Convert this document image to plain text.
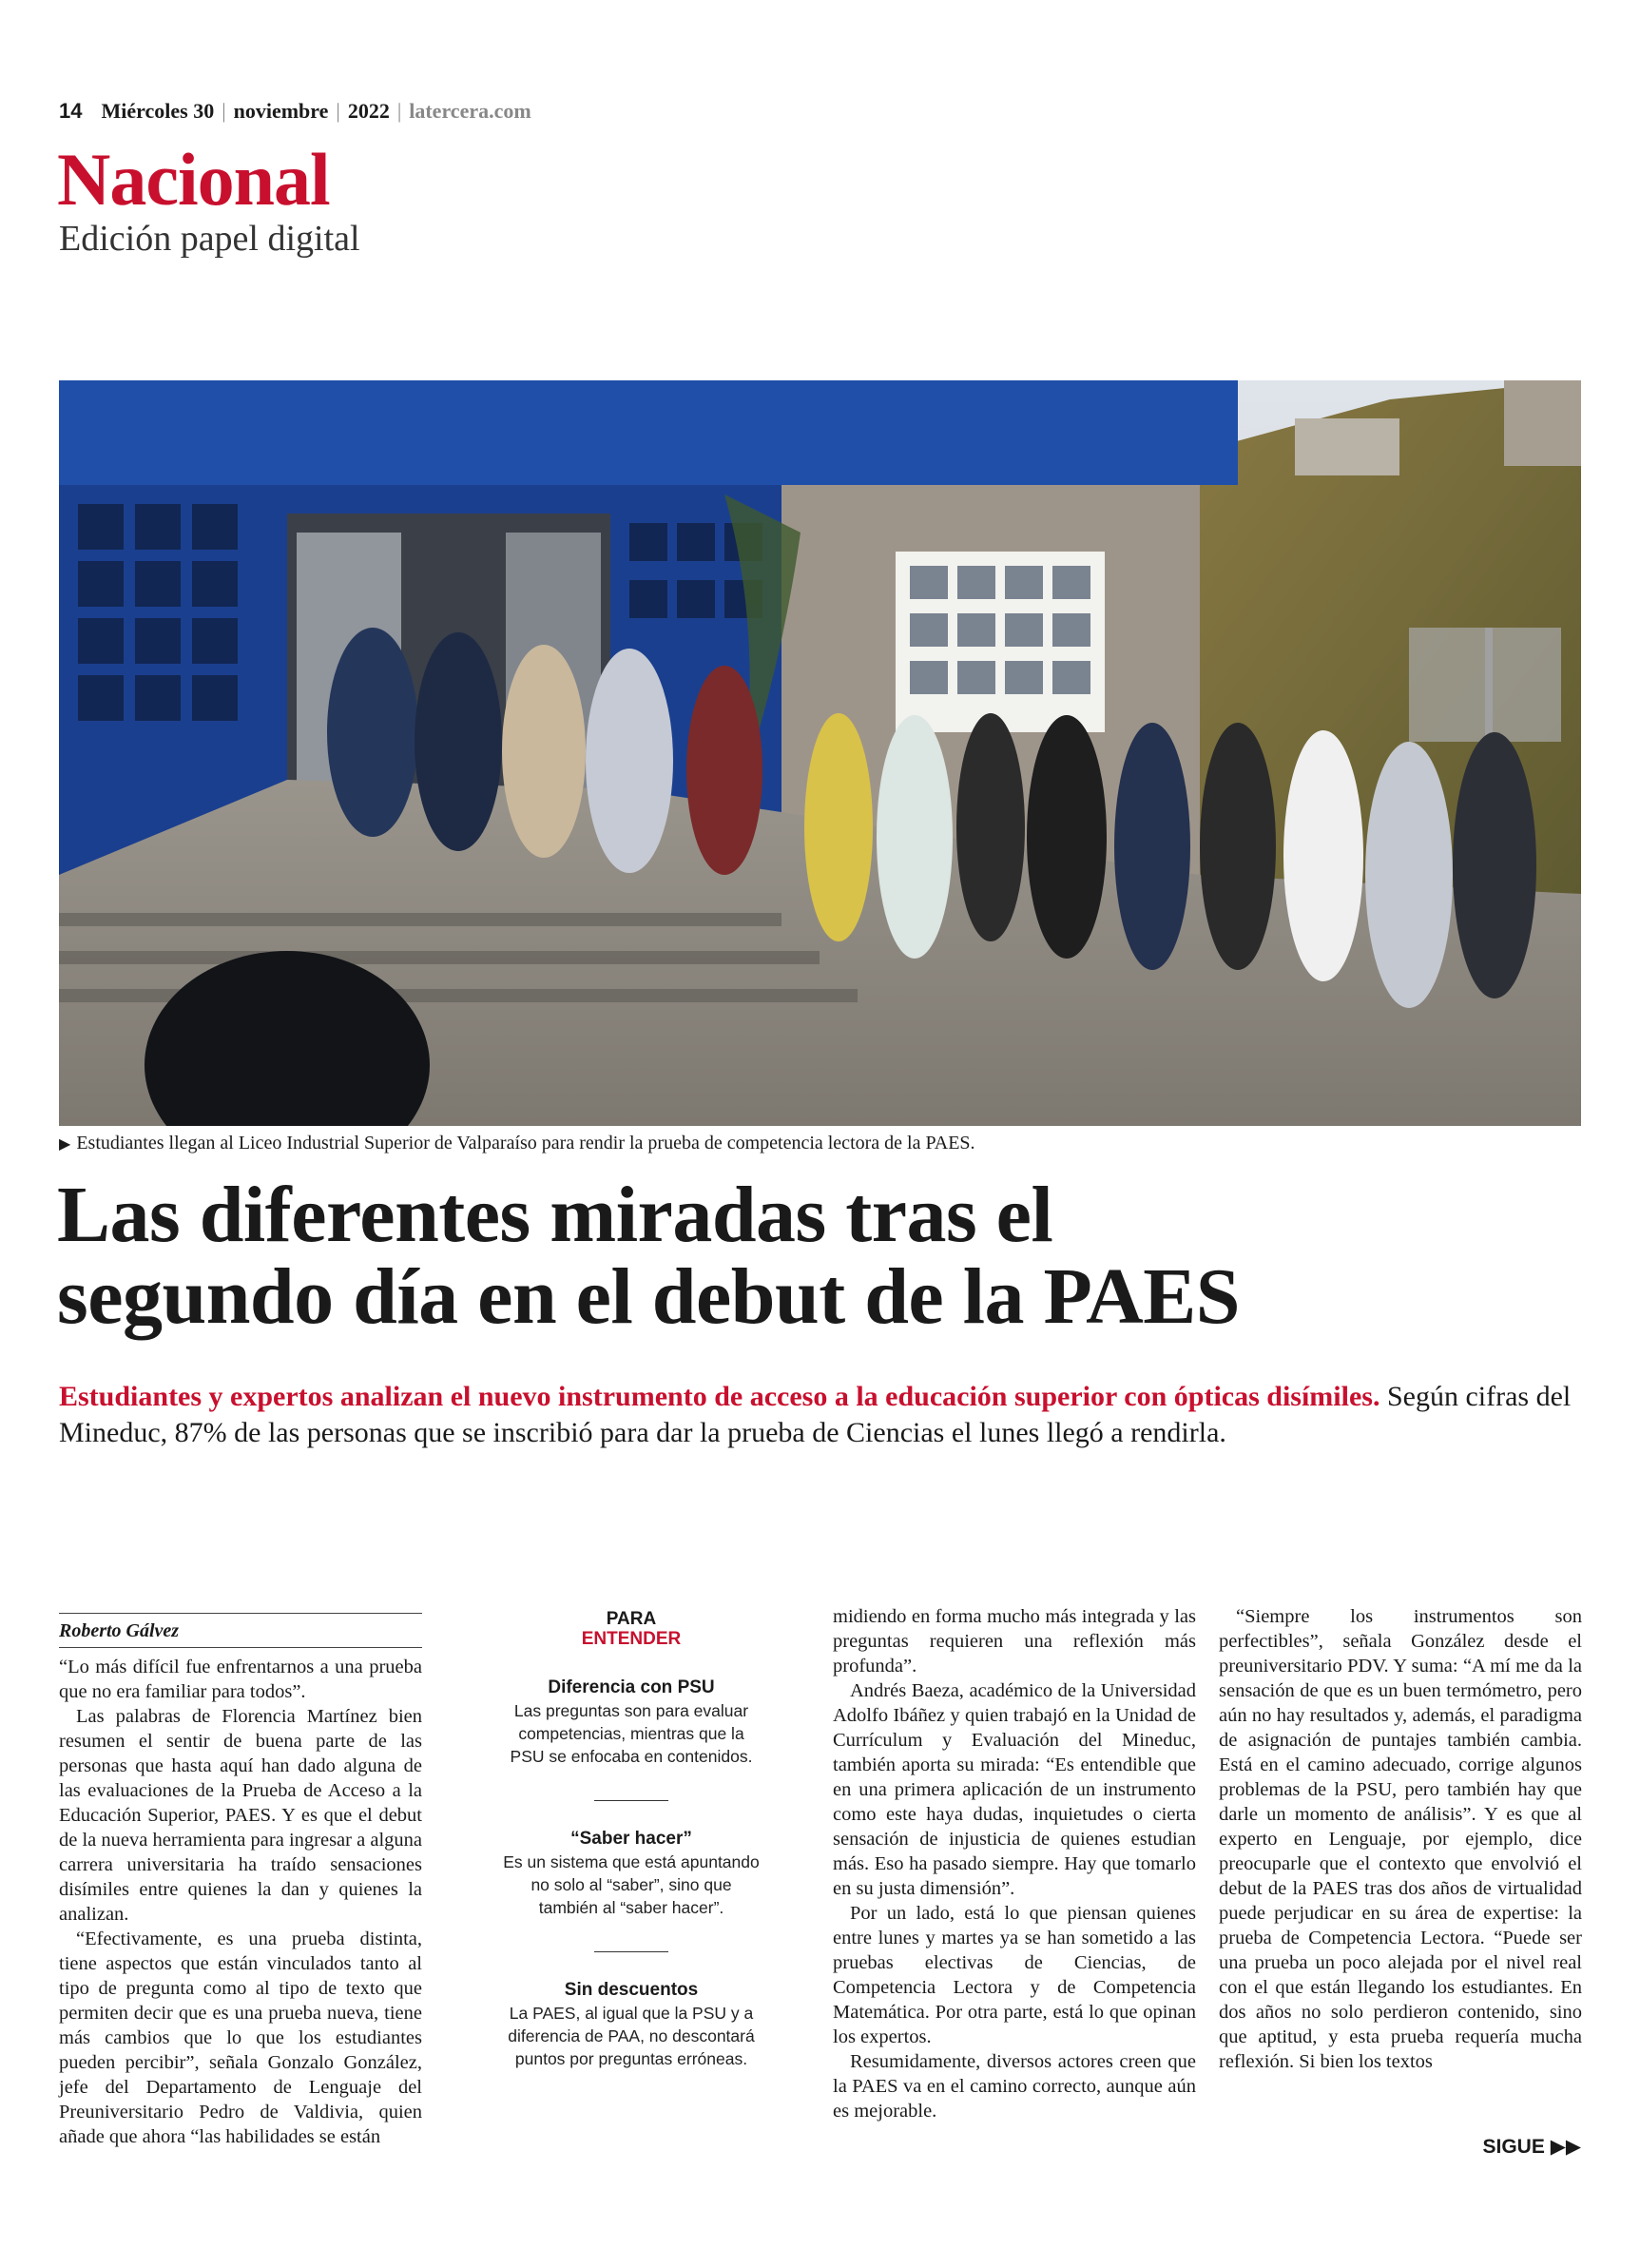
14 Miércoles 30 | noviembre | 2022 | latercera.com
Nacional
Edición papel digital
▶ Estudiantes llegan al Liceo Industrial Superior de Valparaíso para rendir la prueba de competencia lectora de la PAES.
Las diferentes miradas tras el
segundo día en el debut de la PAES
Estudiantes y expertos analizan el nuevo instrumento de acceso a la educación superior con ópticas disímiles. Según cifras del Mineduc, 87% de las personas que se inscribió para dar la prueba de Ciencias el lunes llegó a rendirla.
Roberto Gálvez

“Lo más difícil fue enfrentarnos a una prueba que no era familiar para todos”.

Las palabras de Florencia Martínez bien resumen el sentir de buena parte de las personas que hasta aquí han dado alguna de las evaluaciones de la Prueba de Acceso a la Educación Superior, PAES. Y es que el debut de la nueva herramienta para ingresar a alguna carrera universitaria ha traído sensaciones disímiles entre quienes la dan y quienes la analizan.

“Efectivamente, es una prueba distinta, tiene aspectos que están vinculados tanto al tipo de pregunta como al tipo de texto que permiten decir que es una prueba nueva, tiene más cambios que lo que los estudiantes pueden percibir”, señala Gonzalo González, jefe del Departamento de Lenguaje del Preuniversitario Pedro de Valdivia, quien añade que ahora “las habilidades se están

PARA
ENTENDER
Diferencia con PSU
Las preguntas son para evaluar competencias, mientras que la PSU se enfocaba en contenidos.
“Saber hacer”
Es un sistema que está apuntando no solo al “saber”, sino que también al “saber hacer”.
Sin descuentos
La PAES, al igual que la PSU y a diferencia de PAA, no descontará puntos por preguntas erróneas.

midiendo en forma mucho más integrada y las preguntas requieren una reflexión más profunda”.

Andrés Baeza, académico de la Universidad Adolfo Ibáñez y quien trabajó en la Unidad de Currículum y Evaluación del Mineduc, también aporta su mirada: “Es entendible que en una primera aplicación de un instrumento como este haya dudas, inquietudes o cierta sensación de injusticia de quienes estudian más. Eso ha pasado siempre. Hay que tomarlo en su justa dimensión”.

Por un lado, está lo que piensan quienes entre lunes y martes ya se han sometido a las pruebas electivas de Ciencias, de Competencia Lectora y de Competencia Matemática. Por otra parte, está lo que opinan los expertos.

Resumidamente, diversos actores creen que la PAES va en el camino correcto, aunque aún es mejorable.

“Siempre los instrumentos son perfectibles”, señala González desde el preuniversitario PDV. Y suma: “A mí me da la sensación de que es un buen termómetro, pero aún no hay resultados y, además, el paradigma de asignación de puntajes también cambia. Está en el camino adecuado, corrige algunos problemas de la PSU, pero también hay que darle un momento de análisis”. Y es que al experto en Lenguaje, por ejemplo, dice preocuparle que el contexto que envolvió el debut de la PAES tras dos años de virtualidad puede perjudicar en su área de expertise: la prueba de Competencia Lectora. “Puede ser una prueba un poco alejada por el nivel real con el que están llegando los estudiantes. En dos años no solo perdieron contenido, sino que aptitud, y esta prueba requería mucha reflexión. Si bien los textos

SIGUE ▶▶
